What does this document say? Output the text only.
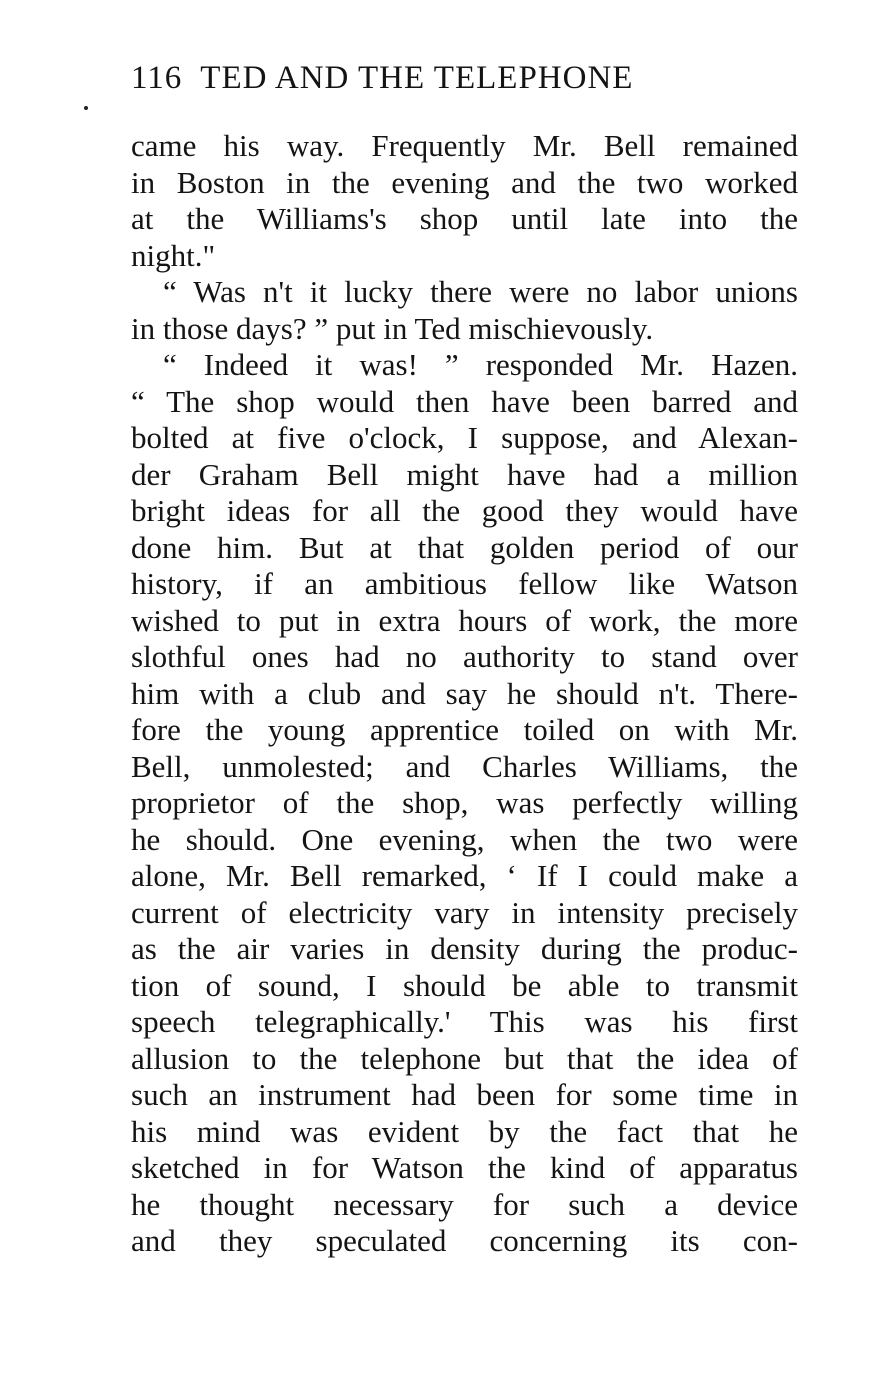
116 TED AND THE TELEPHONE
came his way. Frequently Mr. Bell remained
in Boston in the evening and the two worked
at the Williams's shop until late into the
night."
“ Was n't it lucky there were no labor unions
in those days? ” put in Ted mischievously.
“ Indeed it was! ” responded Mr. Hazen.
“ The shop would then have been barred and
bolted at five o'clock, I suppose, and Alexan-
der Graham Bell might have had a million
bright ideas for all the good they would have
done him. But at that golden period of our
history, if an ambitious fellow like Watson
wished to put in extra hours of work, the more
slothful ones had no authority to stand over
him with a club and say he should n't. There-
fore the young apprentice toiled on with Mr.
Bell, unmolested; and Charles Williams, the
proprietor of the shop, was perfectly willing
he should. One evening, when the two were
alone, Mr. Bell remarked, ‘ If I could make a
current of electricity vary in intensity precisely
as the air varies in density during the produc-
tion of sound, I should be able to transmit
speech telegraphically.' This was his first
allusion to the telephone but that the idea of
such an instrument had been for some time in
his mind was evident by the fact that he
sketched in for Watson the kind of apparatus
he thought necessary for such a device
and they speculated concerning its con-
